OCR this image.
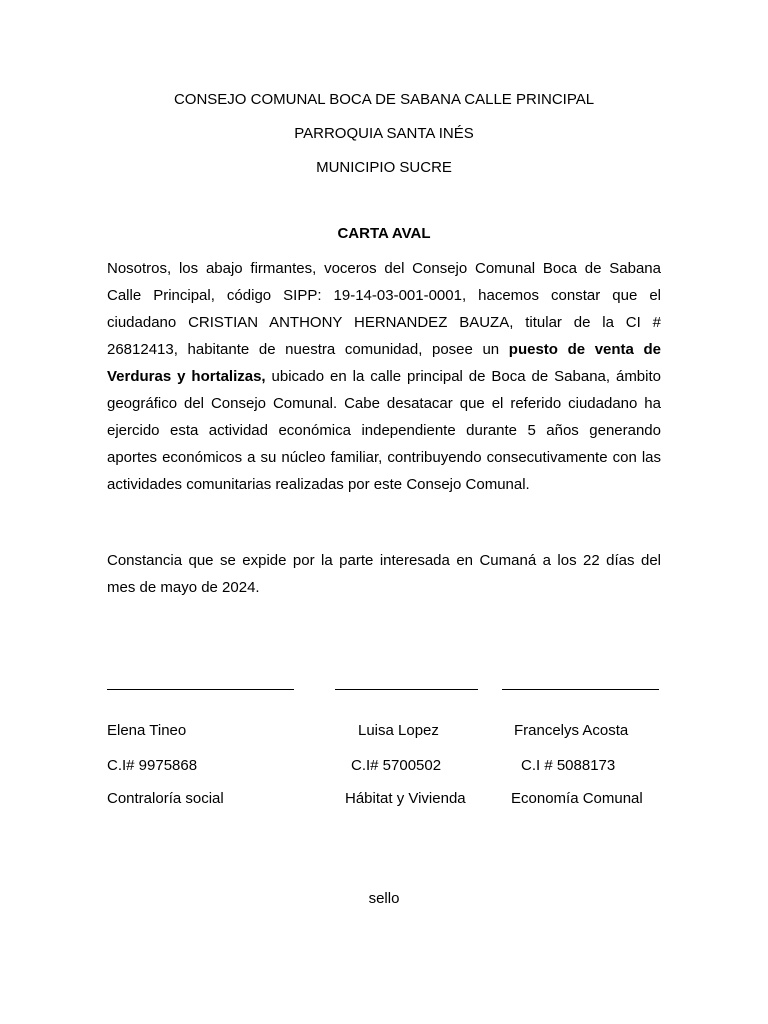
CONSEJO COMUNAL BOCA DE SABANA CALLE PRINCIPAL
PARROQUIA SANTA INÉS
MUNICIPIO SUCRE
CARTA AVAL

Nosotros, los abajo firmantes, voceros del Consejo Comunal Boca de Sabana Calle Principal, código SIPP: 19-14-03-001-0001, hacemos constar que el ciudadano CRISTIAN ANTHONY HERNANDEZ BAUZA, titular de la CI # 26812413, habitante de nuestra comunidad, posee un puesto de venta de Verduras y hortalizas, ubicado en la calle principal de Boca de Sabana, ámbito geográfico del Consejo Comunal. Cabe desatacar que el referido ciudadano ha ejercido esta actividad económica independiente durante 5 años generando aportes económicos a su núcleo familiar, contribuyendo consecutivamente con las actividades comunitarias realizadas por este Consejo Comunal.

Constancia que se expide por la parte interesada en Cumaná a los 22 días del mes de mayo de 2024.

Elena Tineo
C.I# 9975868
Contraloría social
Luisa Lopez
C.I# 5700502
Hábitat y Vivienda
Francelys Acosta
C.I # 5088173
Economía Comunal
sello
